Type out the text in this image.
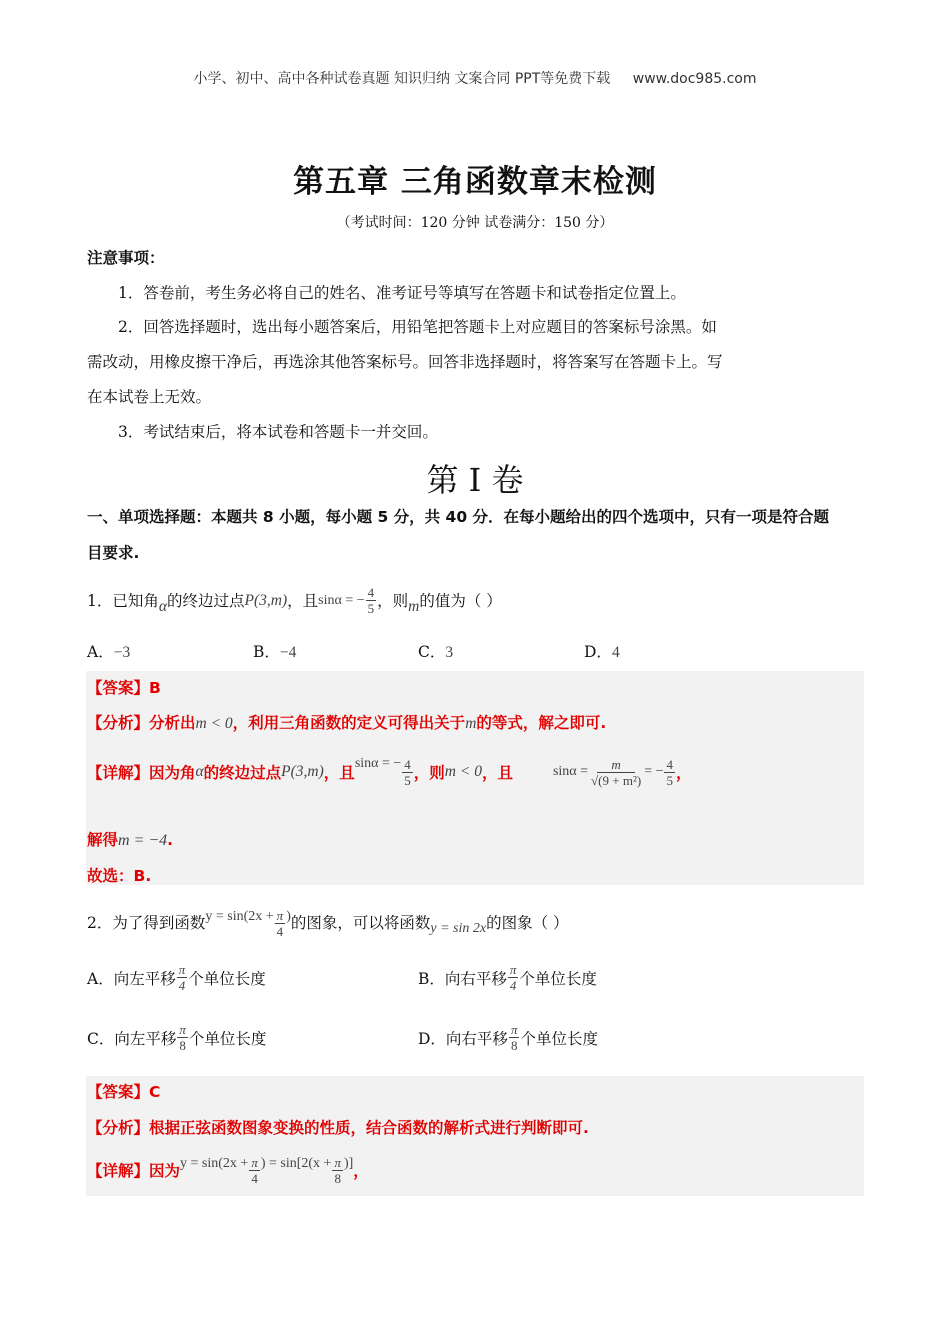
小学、初中、高中各种试卷真题 知识归纳 文案合同 PPT等免费下载 www.doc985.com
第五章 三角函数章末检测
（考试时间：120 分钟 试卷满分：150 分）
注意事项：
1．答卷前，考生务必将自己的姓名、准考证号等填写在答题卡和试卷指定位置上。
2．回答选择题时，选出每小题答案后，用铅笔把答题卡上对应题目的答案标号涂黑。如
需改动，用橡皮擦干净后，再选涂其他答案标号。回答非选择题时，将答案写在答题卡上。写
在本试卷上无效。
3．考试结束后，将本试卷和答题卡一并交回。
第 I 卷
一、单项选择题：本题共 8 小题，每小题 5 分，共 40 分．在每小题给出的四个选项中，只有一项是符合题
目要求.
1．已知角 α 的终边过点 P(3,m) ，且 sinα = − $\frac{4}{5}$ ，则 m 的值为（ ）
A．−3	B．−4	C．3	D．4
【答案】B
【分析】分析出m < 0，利用三角函数的定义可得出关于m的等式，解之即可.
【详解】因为角 α 的终边过点 P(3,m) ，且
sinα = − $\frac{4}{5}$ ，则 m < 0 ，且	$\sin\alpha = \frac{m}{\text{√(9 + m²)}}$ = − $\frac{4}{5}$ ，
解得m = −4.
故选：B.
2．为了得到函数 $y = \sin(2x + \frac{\pi}{4}$ ) 的图象，可以将函数 y = sin 2x 的图象（ ）
A．向左平移 $\frac{\pi}{4}$ 个单位长度	B．向右平移 $\frac{\pi}{4}$ 个单位长度
C．向左平移 $\frac{\pi}{8}$ 个单位长度	D．向右平移 $\frac{\pi}{8}$ 个单位长度
【答案】C
【分析】根据正弦函数图象变换的性质，结合函数的解析式进行判断即可.
【详解】因为 $y = \sin(2x + \frac{\pi}{4}$ ) = $\sin[2(x + \frac{\pi}{8}$ )] ，
